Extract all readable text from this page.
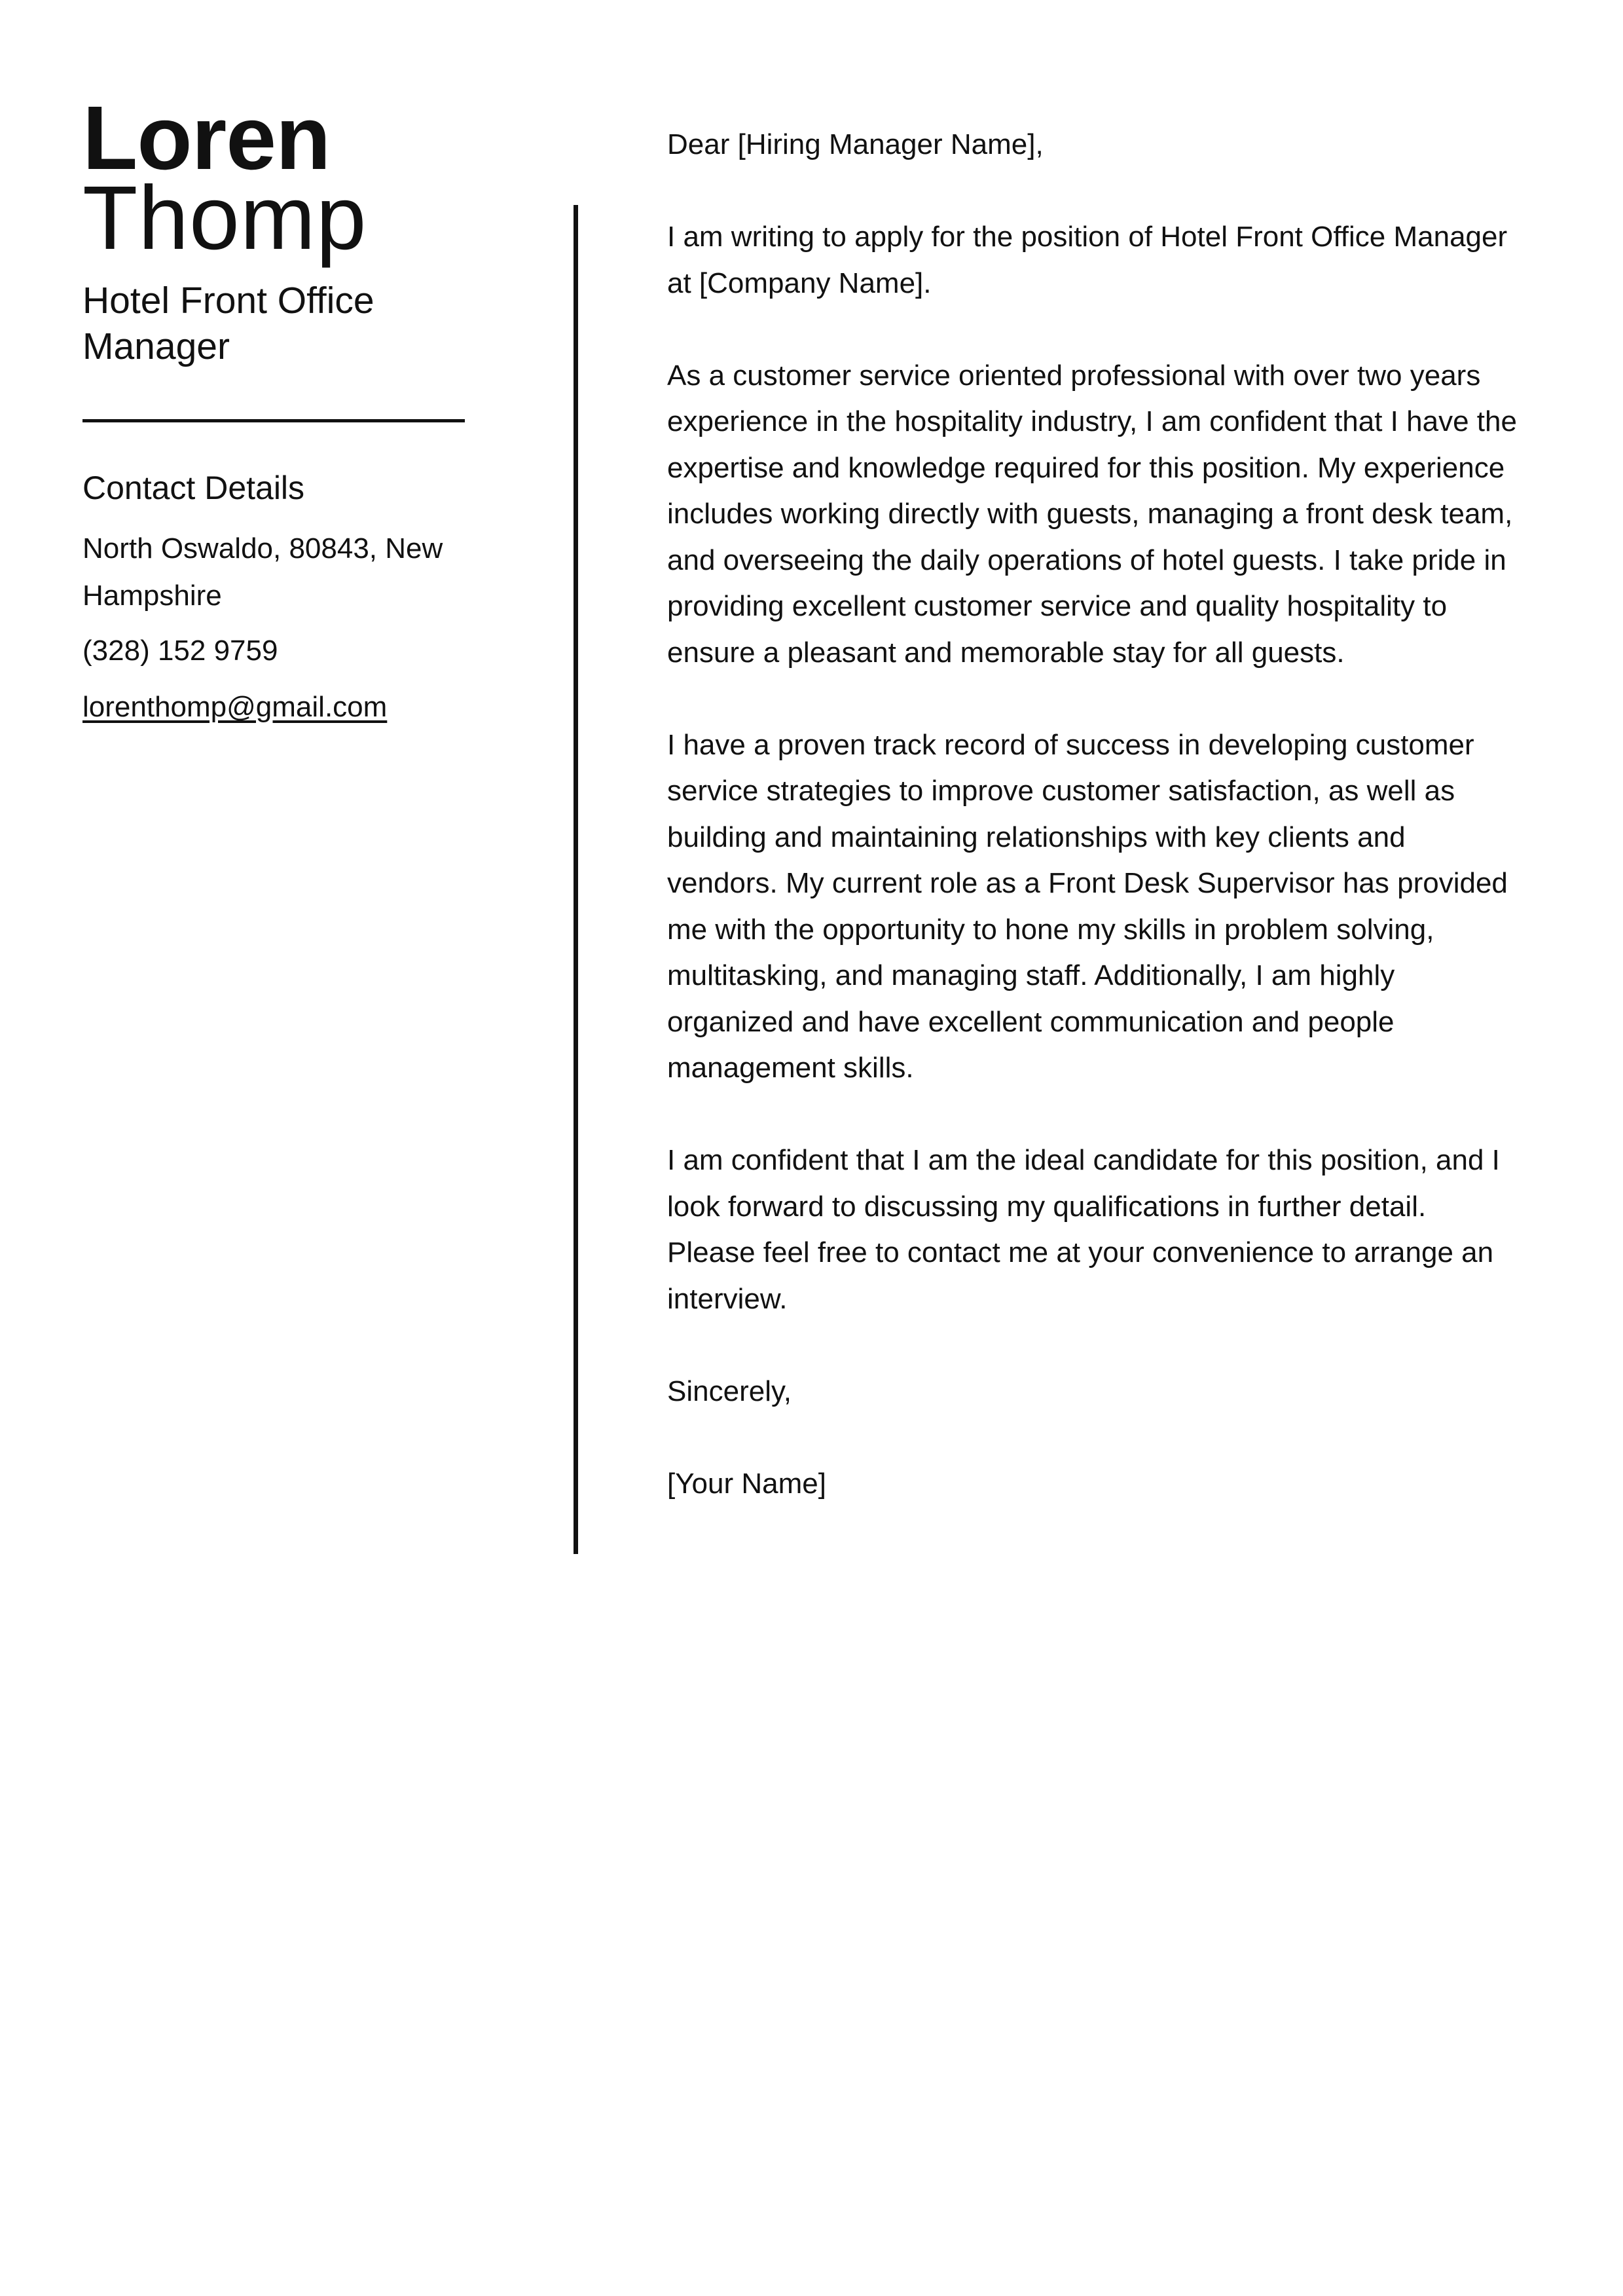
Loren
Thomp
Hotel Front Office Manager
Contact Details
North Oswaldo, 80843, New Hampshire
(328) 152 9759
lorenthomp@gmail.com

Dear [Hiring Manager Name],

I am writing to apply for the position of Hotel Front Office Manager at [Company Name].

As a customer service oriented professional with over two years experience in the hospitality industry, I am confident that I have the expertise and knowledge required for this position. My experience includes working directly with guests, managing a front desk team, and overseeing the daily operations of hotel guests. I take pride in providing excellent customer service and quality hospitality to ensure a pleasant and memorable stay for all guests.

I have a proven track record of success in developing customer service strategies to improve customer satisfaction, as well as building and maintaining relationships with key clients and vendors. My current role as a Front Desk Supervisor has provided me with the opportunity to hone my skills in problem solving, multitasking, and managing staff. Additionally, I am highly organized and have excellent communication and people management skills.

I am confident that I am the ideal candidate for this position, and I look forward to discussing my qualifications in further detail. Please feel free to contact me at your convenience to arrange an interview.

Sincerely,

[Your Name]
